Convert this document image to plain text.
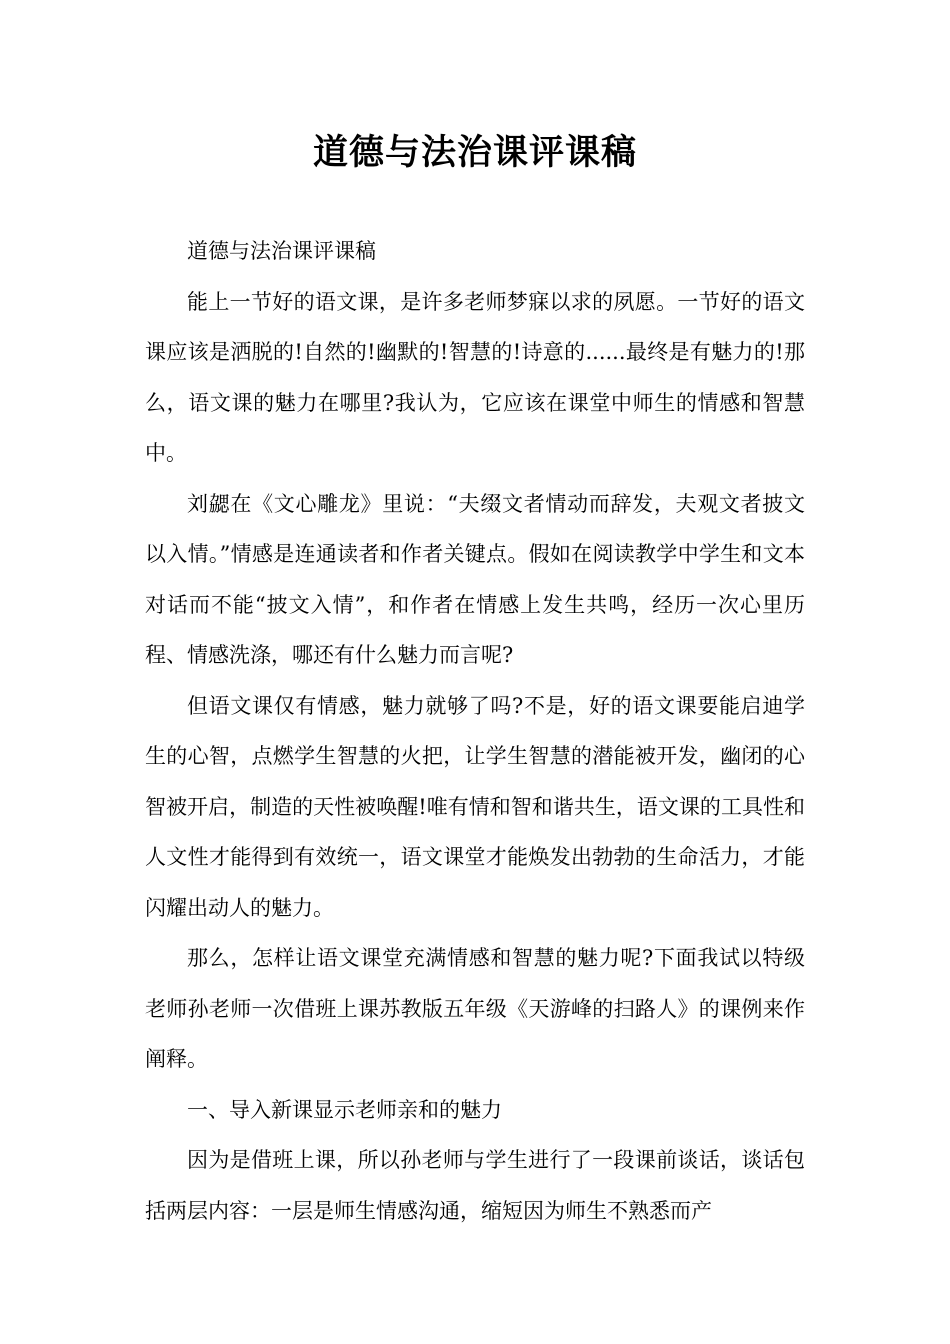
道德与法治课评课稿

道德与法治课评课稿

能上一节好的语文课，是许多老师梦寐以求的夙愿。一节好的语文课应该是洒脱的!自然的!幽默的!智慧的!诗意的......最终是有魅力的!那么，语文课的魅力在哪里?我认为，它应该在课堂中师生的情感和智慧中。

刘勰在《文心雕龙》里说：“夫缀文者情动而辞发，夫观文者披文以入情。”情感是连通读者和作者关键点。假如在阅读教学中学生和文本对话而不能“披文入情”，和作者在情感上发生共鸣，经历一次心里历程、情感洗涤，哪还有什么魅力而言呢?

但语文课仅有情感，魅力就够了吗?不是，好的语文课要能启迪学生的心智，点燃学生智慧的火把，让学生智慧的潜能被开发，幽闭的心智被开启，制造的天性被唤醒!唯有情和智和谐共生，语文课的工具性和人文性才能得到有效统一，语文课堂才能焕发出勃勃的生命活力，才能闪耀出动人的魅力。

那么，怎样让语文课堂充满情感和智慧的魅力呢?下面我试以特级老师孙老师一次借班上课苏教版五年级《天游峰的扫路人》的课例来作阐释。

一、导入新课显示老师亲和的魅力

因为是借班上课，所以孙老师与学生进行了一段课前谈话，谈话包括两层内容：一层是师生情感沟通，缩短因为师生不熟悉而产
